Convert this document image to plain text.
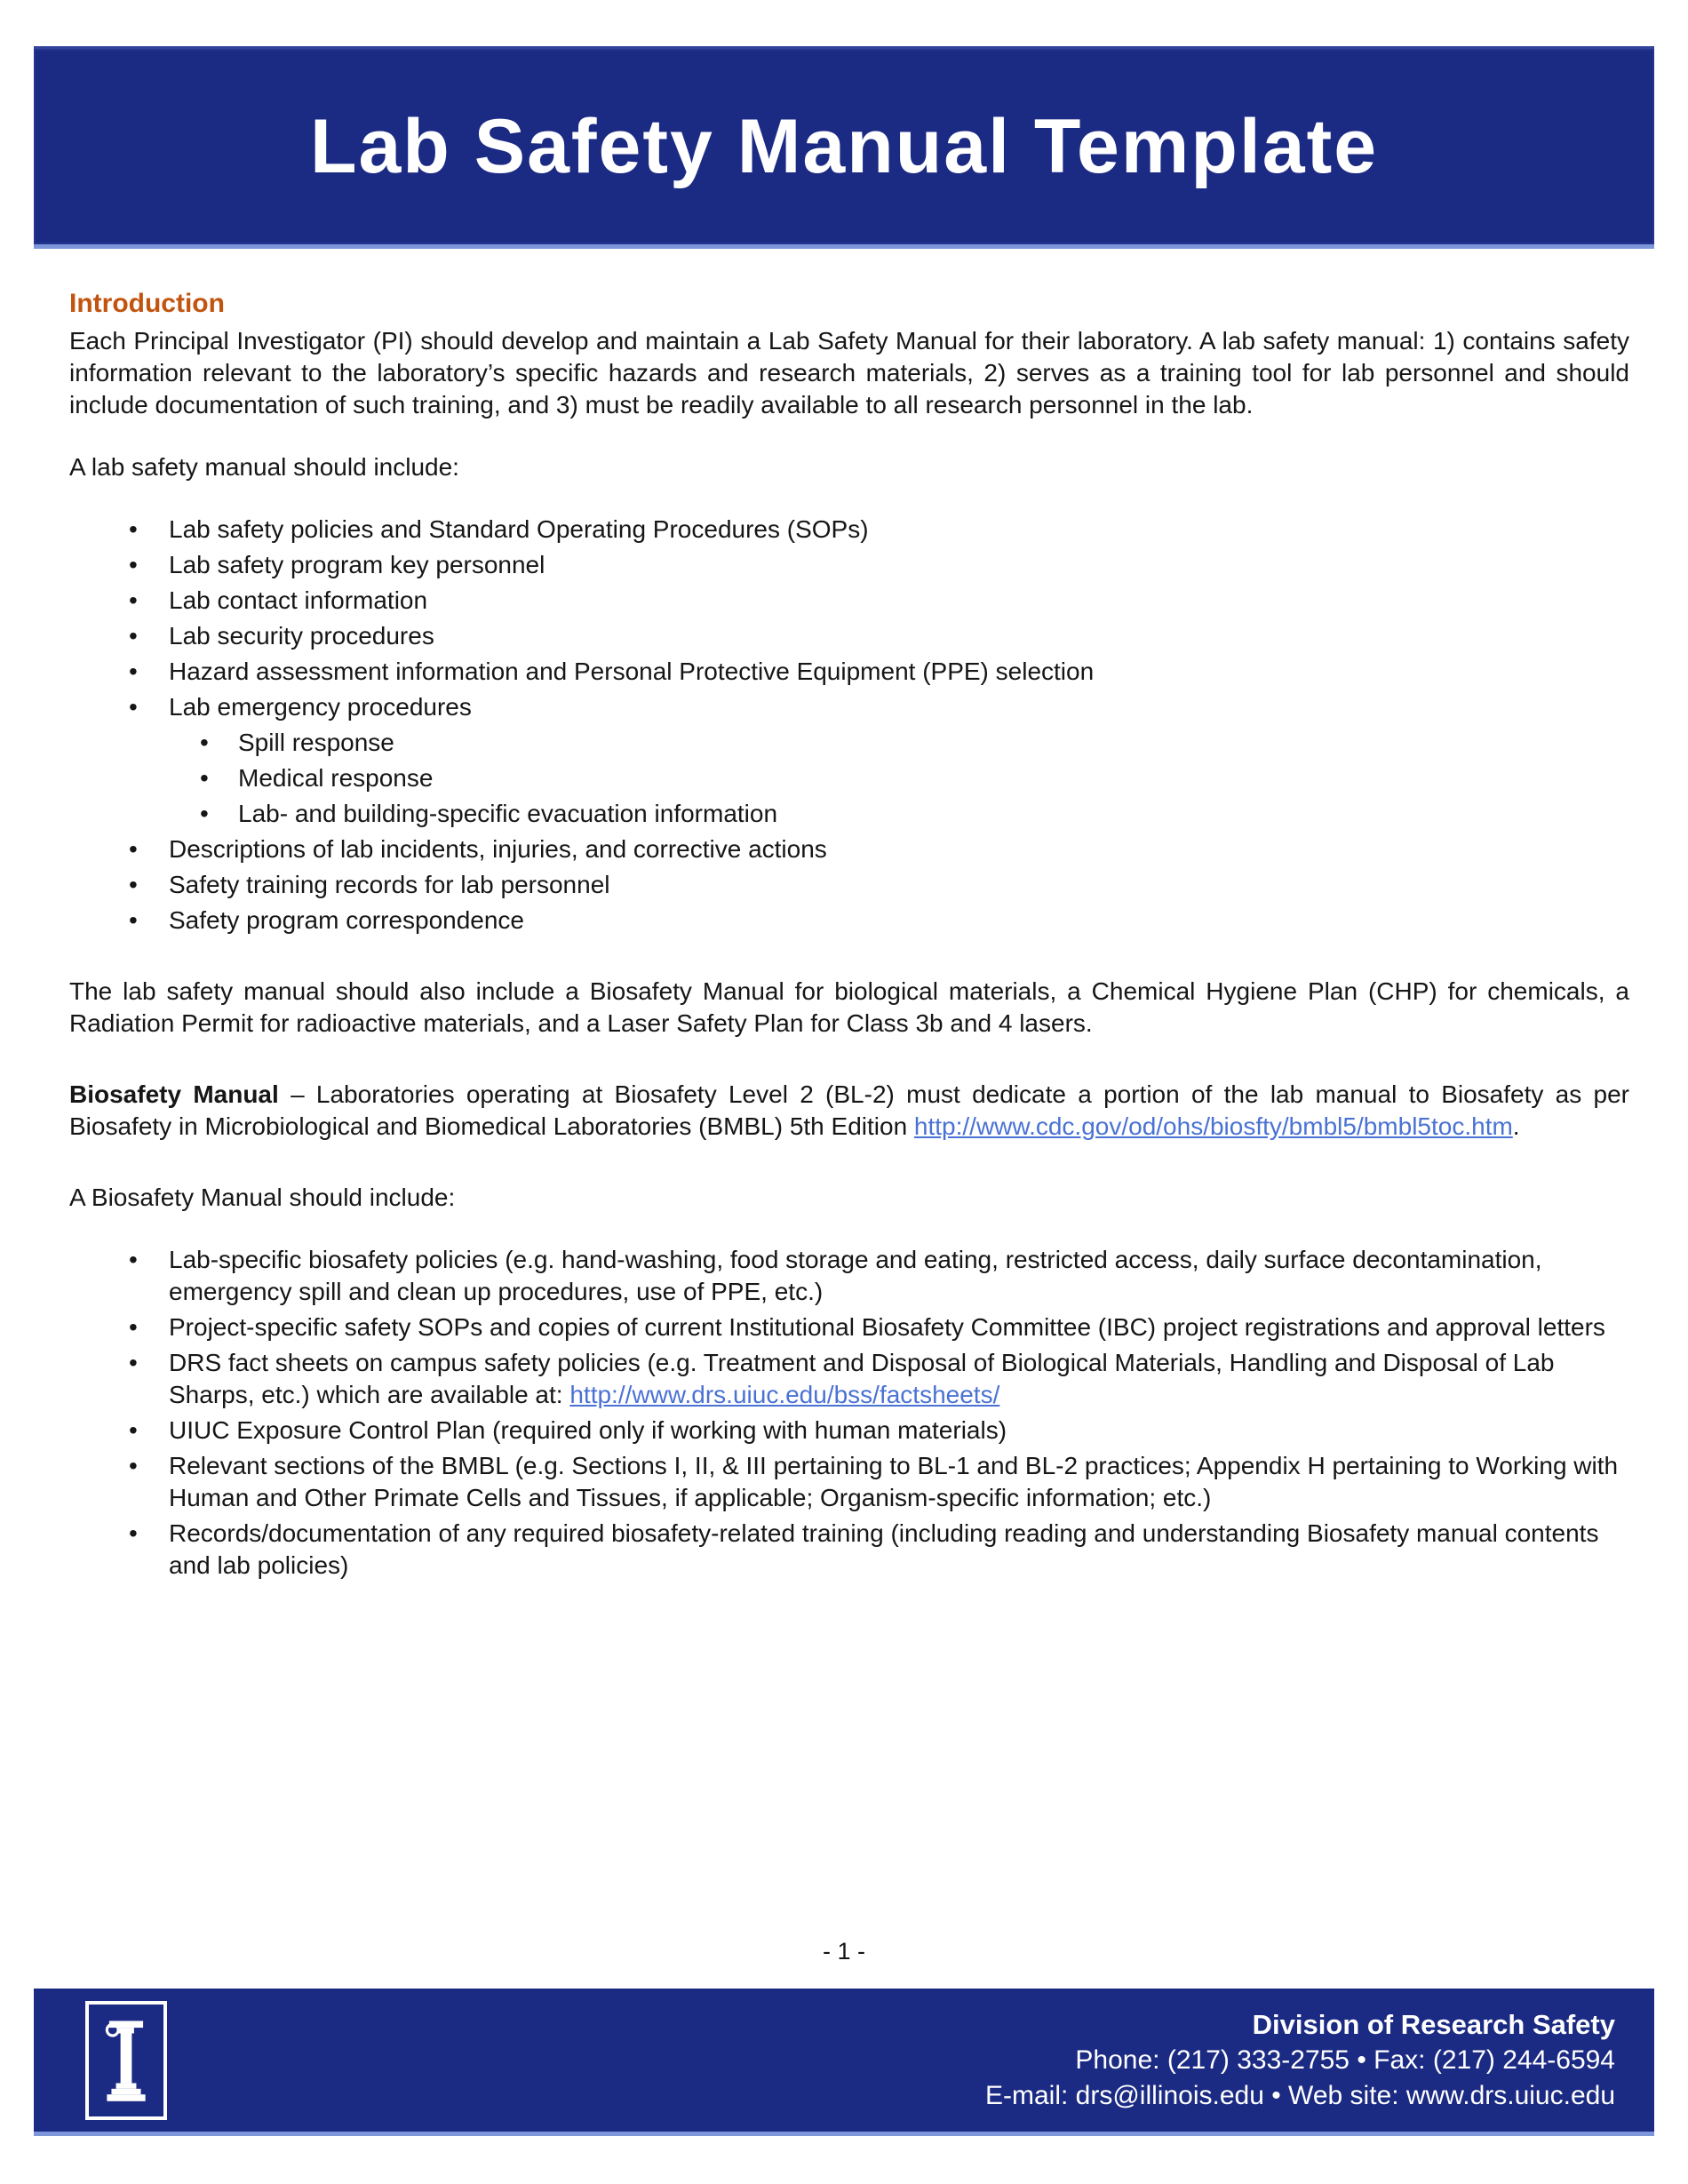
Lab Safety Manual Template
Introduction

Each Principal Investigator (PI) should develop and maintain a Lab Safety Manual for their laboratory. A lab safety manual: 1) contains safety information relevant to the laboratory’s specific hazards and research materials, 2) serves as a training tool for lab personnel and should include documentation of such training, and 3) must be readily available to all research personnel in the lab.

A lab safety manual should include:

• Lab safety policies and Standard Operating Procedures (SOPs)
• Lab safety program key personnel
• Lab contact information
• Lab security procedures
• Hazard assessment information and Personal Protective Equipment (PPE) selection
• Lab emergency procedures
• Spill response
• Medical response
• Lab- and building-specific evacuation information
• Descriptions of lab incidents, injuries, and corrective actions
• Safety training records for lab personnel
• Safety program correspondence

The lab safety manual should also include a Biosafety Manual for biological materials, a Chemical Hygiene Plan (CHP) for chemicals, a Radiation Permit for radioactive materials, and a Laser Safety Plan for Class 3b and 4 lasers.

Biosafety Manual – Laboratories operating at Biosafety Level 2 (BL-2) must dedicate a portion of the lab manual to Biosafety as per Biosafety in Microbiological and Biomedical Laboratories (BMBL) 5th Edition http://www.cdc.gov/od/ohs/biosfty/bmbl5/bmbl5toc.htm.

A Biosafety Manual should include:

• Lab-specific biosafety policies (e.g. hand-washing, food storage and eating, restricted access, daily surface decontamination, emergency spill and clean up procedures, use of PPE, etc.)
• Project-specific safety SOPs and copies of current Institutional Biosafety Committee (IBC) project registrations and approval letters
• DRS fact sheets on campus safety policies (e.g. Treatment and Disposal of Biological Materials, Handling and Disposal of Lab Sharps, etc.) which are available at: http://www.drs.uiuc.edu/bss/factsheets/
• UIUC Exposure Control Plan (required only if working with human materials)
• Relevant sections of the BMBL (e.g. Sections I, II, & III pertaining to BL-1 and BL-2 practices; Appendix H pertaining to Working with Human and Other Primate Cells and Tissues, if applicable; Organism-specific information; etc.)
• Records/documentation of any required biosafety-related training (including reading and understanding Biosafety manual contents and lab policies)
- 1 -
Division of Research Safety
Phone: (217) 333-2755 • Fax: (217) 244-6594
E-mail: drs@illinois.edu • Web site: www.drs.uiuc.edu
